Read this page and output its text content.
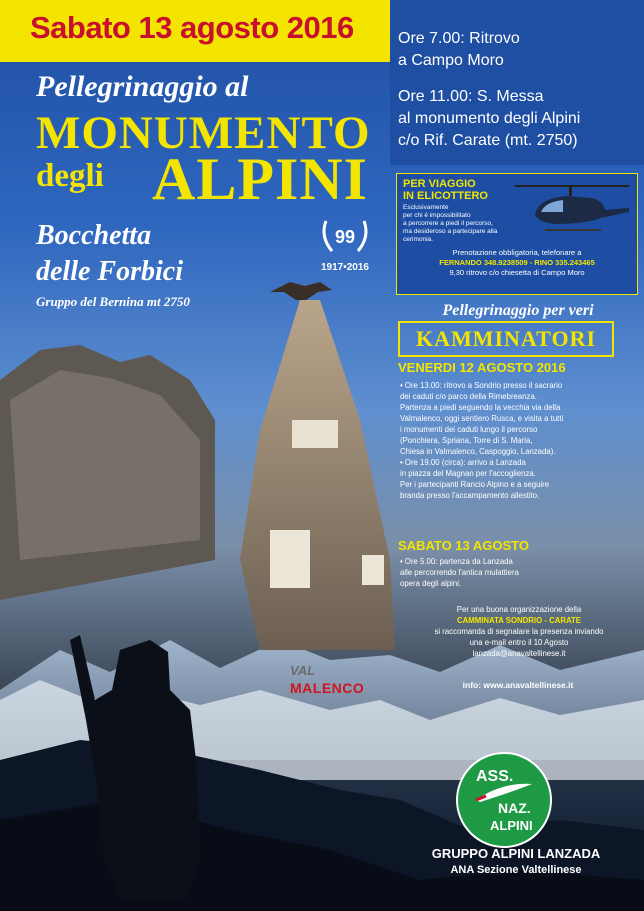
Sabato 13 agosto 2016
Pellegrinaggio al
MONUMENTO
degli ALPINI
Bocchetta
delle Forbici
Gruppo del Bernina mt 2750
99
1917•2016

Ore 7.00: Ritrovo
a Campo Moro

Ore 11.00: S. Messa
al monumento degli Alpini
c/o Rif. Carate (mt. 2750)

PER VIAGGIO
IN ELICOTTERO
Esclusivamente
per chi è impossibilitato
a percorrere a piedi il percorso,
ma desideroso a partecipare alla cerimonia.
Prenotazione obbligatoria, telefonare a
FERNANDO 348.9238509 - RINO 335.243465
9,30 ritrovo c/o chiesetta di Campo Moro
Pellegrinaggio per veri
KAMMINATORI
VENERDI 12 AGOSTO 2016

• Ore 13.00: ritrovo a Sondrio presso il sacrario

dei caduti c/o parco della Rimebreanza.

Partenza a piedi seguendo la vecchia via della

Valmalenco, oggi sentiero Rusca, e visita a tutti

i monumenti dei caduti lungo il percorso

(Ponchiera, Spriana, Torre di S. Maria,

Chiesa in Valmalenco, Caspoggio, Lanzada).

• Ore 19.00 (circa): arrivo a Lanzada

in piazza del Magnan per l'accoglienza.

Per i partecipanti Rancio Alpino e a seguire

branda presso l'accampamento allestito.

SABATO 13 AGOSTO

• Ore 5.00: partenza da Lanzada

alle percorrendo l'antica mulattiera

opera degli alpini.

Per una buona organizzazione della

CAMMINATA SONDRIO - CARATE

si raccomanda di segnalare la presenza inviando

una e-mail entro il 10 Agosto

lanzada@anavaltellinese.it

info: www.anavaltellinese.it
VAL
MALENCO
ASS.
NAZ.
ALPINI
GRUPPO ALPINI LANZADA
ANA Sezione Valtellinese
